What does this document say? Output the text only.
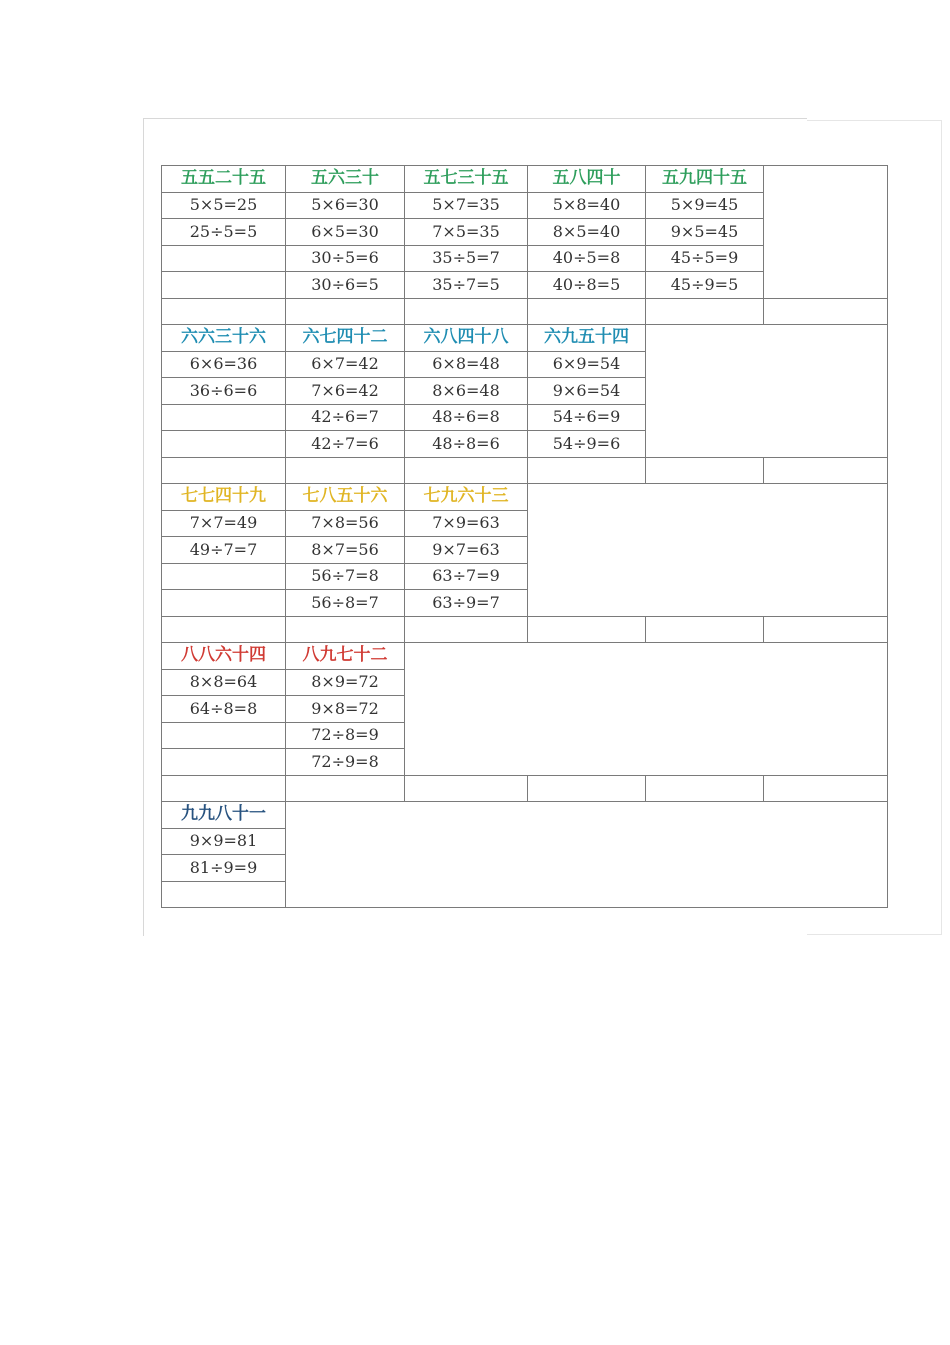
五五二十五	五六三十	五七三十五	五八四十	五九四十五	
5×5=25	5×6=30	5×7=35	5×8=40	5×9=45	
25÷5=5	6×5=30	7×5=35	8×5=40	9×5=45	
	30÷5=6	35÷5=7	40÷5=8	45÷5=9	
	30÷6=5	35÷7=5	40÷8=5	45÷9=5	

六六三十六	六七四十二	六八四十八	六九五十四		
6×6=36	6×7=42	6×8=48	6×9=54		
36÷6=6	7×6=42	8×6=48	9×6=54		
	42÷6=7	48÷6=8	54÷6=9		
	42÷7=6	48÷8=6	54÷9=6		

七七四十九	七八五十六	七九六十三			
7×7=49	7×8=56	7×9=63			
49÷7=7	8×7=56	9×7=63			
	56÷7=8	63÷7=9			
	56÷8=7	63÷9=7			

八八六十四	八九七十二				
8×8=64	8×9=72				
64÷8=8	9×8=72				
	72÷8=9				
	72÷9=8				

九九八十一					
9×9=81					
81÷9=9					
